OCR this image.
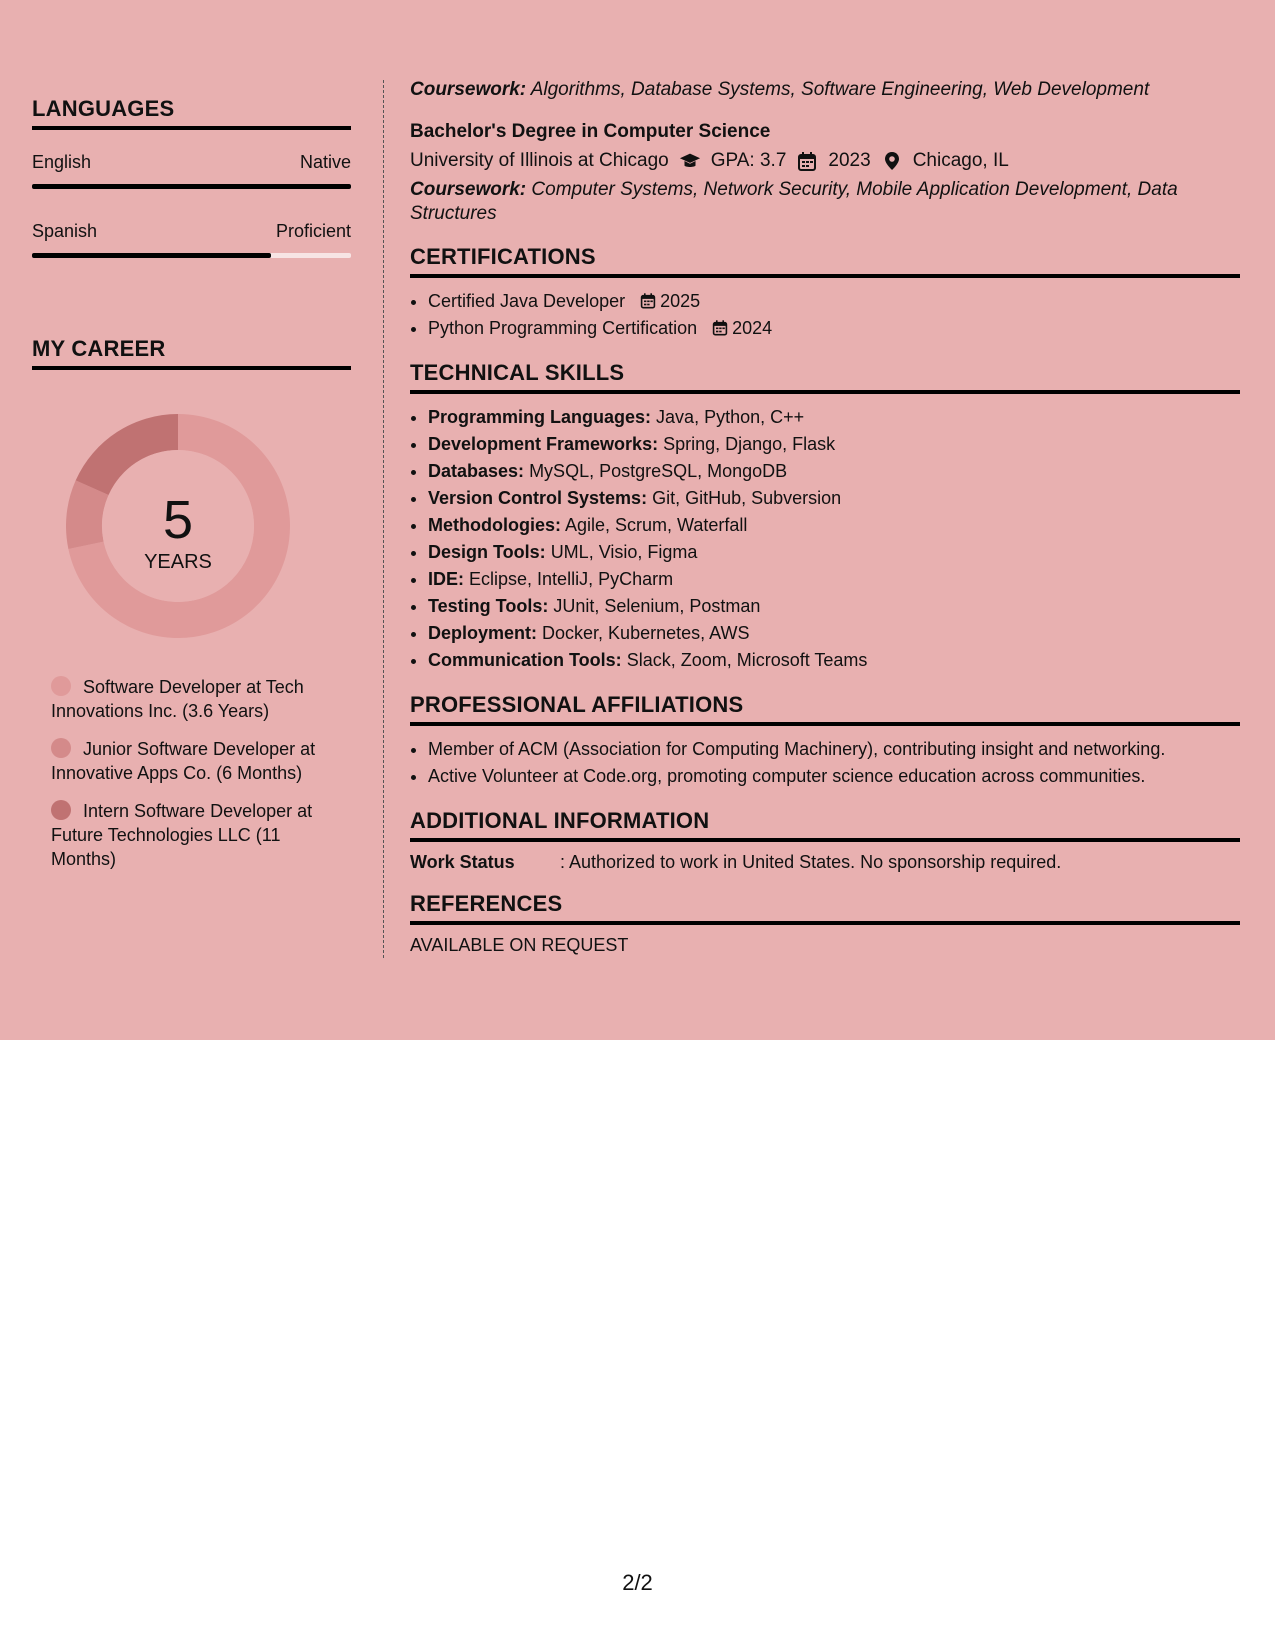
LANGUAGES
English	Native
Spanish	Proficient
MY CAREER
5
YEARS
Software Developer at Tech Innovations Inc. (3.6 Years)
Junior Software Developer at Innovative Apps Co. (6 Months)
Intern Software Developer at Future Technologies LLC (11 Months)
Coursework: Algorithms, Database Systems, Software Engineering, Web Development
Bachelor's Degree in Computer Science
University of Illinois at Chicago GPA: 3.7 2023 Chicago, IL
Coursework: Computer Systems, Network Security, Mobile Application Development, Data Structures
CERTIFICATIONS
• Certified Java Developer 2025
• Python Programming Certification 2024
TECHNICAL SKILLS
• Programming Languages: Java, Python, C++
• Development Frameworks: Spring, Django, Flask
• Databases: MySQL, PostgreSQL, MongoDB
• Version Control Systems: Git, GitHub, Subversion
• Methodologies: Agile, Scrum, Waterfall
• Design Tools: UML, Visio, Figma
• IDE: Eclipse, IntelliJ, PyCharm
• Testing Tools: JUnit, Selenium, Postman
• Deployment: Docker, Kubernetes, AWS
• Communication Tools: Slack, Zoom, Microsoft Teams
PROFESSIONAL AFFILIATIONS
• Member of ACM (Association for Computing Machinery), contributing insight and networking.
• Active Volunteer at Code.org, promoting computer science education across communities.
ADDITIONAL INFORMATION
Work Status	: Authorized to work in United States. No sponsorship required.
REFERENCES
AVAILABLE ON REQUEST
2/2
